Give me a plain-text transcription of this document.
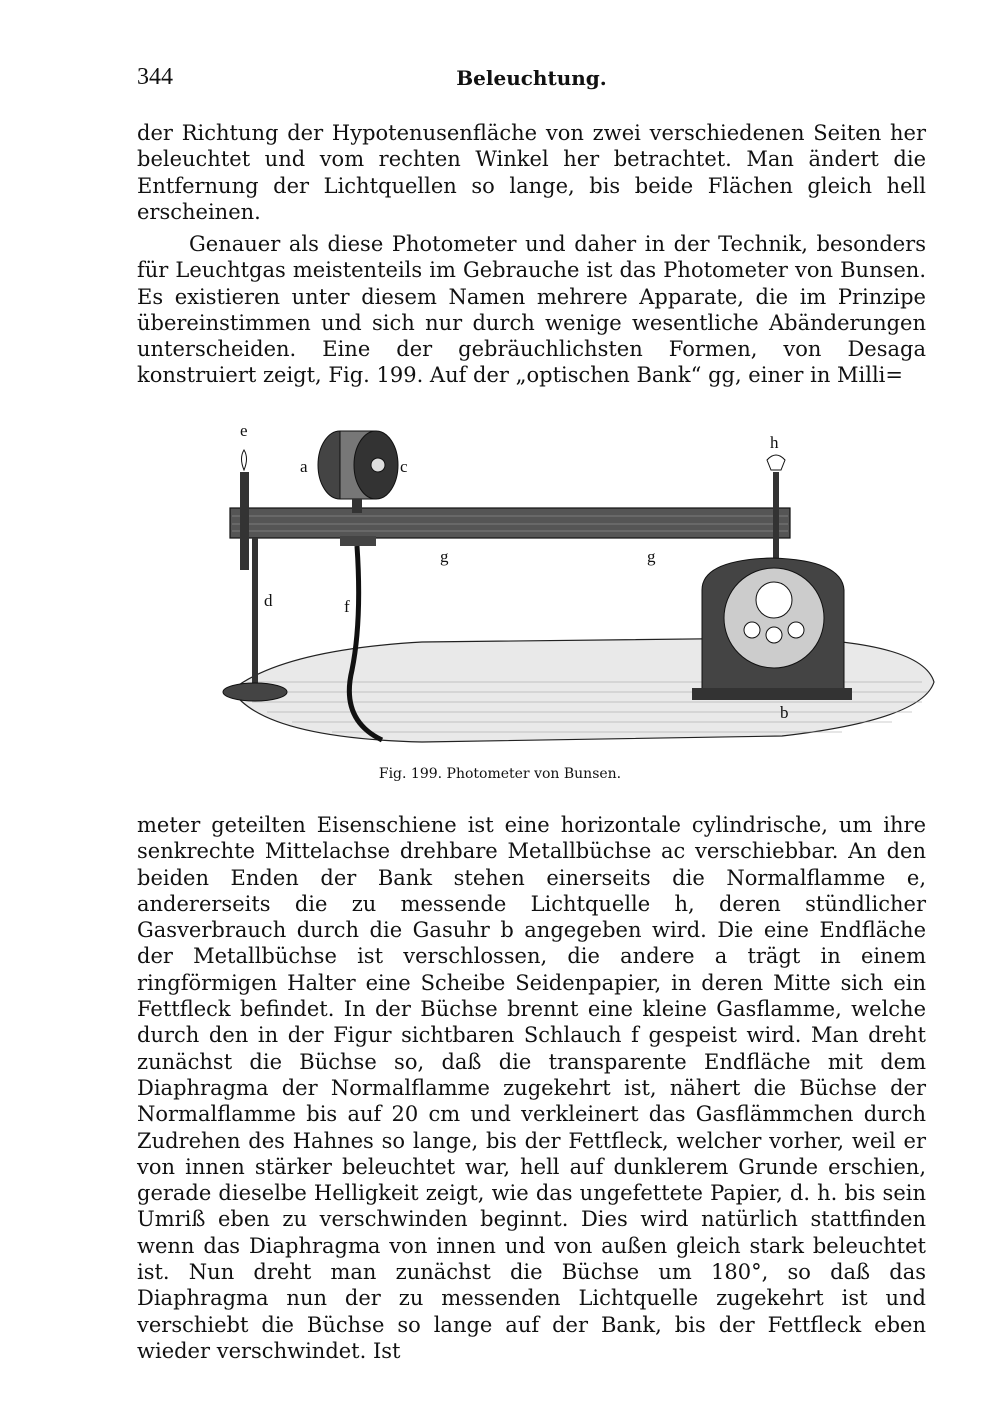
344	Beleuchtung.

der Richtung der Hypotenusenfläche von zwei verschiedenen Seiten her beleuchtet und vom rechten Winkel her betrachtet. Man ändert die Entfernung der Lichtquellen so lange, bis beide Flächen gleich hell erscheinen.

Genauer als diese Photometer und daher in der Technik, besonders für Leuchtgas meistenteils im Gebrauche ist das Photometer von Bunsen. Es existieren unter diesem Namen mehrere Apparate, die im Prinzipe übereinstimmen und sich nur durch wenige wesentliche Abänderungen unterscheiden. Eine der gebräuchlichsten Formen, von Desaga konstruiert zeigt, Fig. 199. Auf der „optischen Bank“ gg, einer in Milli=

e
a	c
h
g	g
d	f
b
Fig. 199. Photometer von Bunsen.

meter geteilten Eisenschiene ist eine horizontale cylindrische, um ihre senkrechte Mittelachse drehbare Metallbüchse ac verschiebbar. An den beiden Enden der Bank stehen einerseits die Normalflamme e, andererseits die zu messende Lichtquelle h, deren stündlicher Gasverbrauch durch die Gasuhr b angegeben wird. Die eine Endfläche der Metallbüchse ist verschlossen, die andere a trägt in einem ringförmigen Halter eine Scheibe Seidenpapier, in deren Mitte sich ein Fettfleck befindet. In der Büchse brennt eine kleine Gasflamme, welche durch den in der Figur sichtbaren Schlauch f gespeist wird. Man dreht zunächst die Büchse so, daß die transparente Endfläche mit dem Diaphragma der Normalflamme zugekehrt ist, nähert die Büchse der Normalflamme bis auf 20 cm und verkleinert das Gasflämmchen durch Zudrehen des Hahnes so lange, bis der Fettfleck, welcher vorher, weil er von innen stärker beleuchtet war, hell auf dunklerem Grunde erschien, gerade dieselbe Helligkeit zeigt, wie das ungefettete Papier, d. h. bis sein Umriß eben zu verschwinden beginnt. Dies wird natürlich stattfinden wenn das Diaphragma von innen und von außen gleich stark beleuchtet ist. Nun dreht man zunächst die Büchse um 180°, so daß das Diaphragma nun der zu messenden Lichtquelle zugekehrt ist und verschiebt die Büchse so lange auf der Bank, bis der Fettfleck eben wieder verschwindet. Ist
